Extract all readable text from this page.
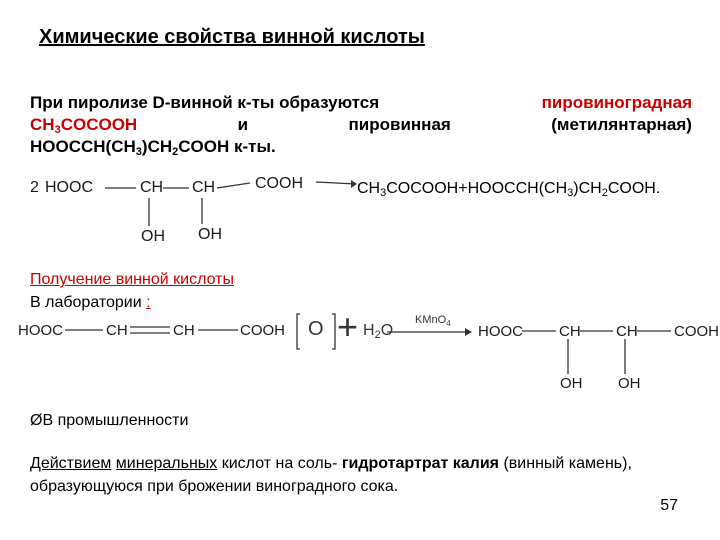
Химические свойства винной кислоты
При пиролизе D-винной к-ты образуются	пировиноградная
$CH_3COCOOH$	и	пировинная	(метилянтарная)
$HOOCCH(CH_3)CH_2COOH$ к-ты.
2 HOOC	CH CH COOH
OH OH
$CH_3COCOOH+HOOCCH(CH_3)CH_2COOH$.
Получение винной кислоты
В лаборатории :
HOOC	CH	CH	COOH $O + H_2O$
KMnO$_4$ HOOC CH CH COOH
OH OH
ØВ промышленности
Действием минеральных кислот на соль- гидротартрат калия (винный камень), образующуюся при брожении виноградного сока.
57
